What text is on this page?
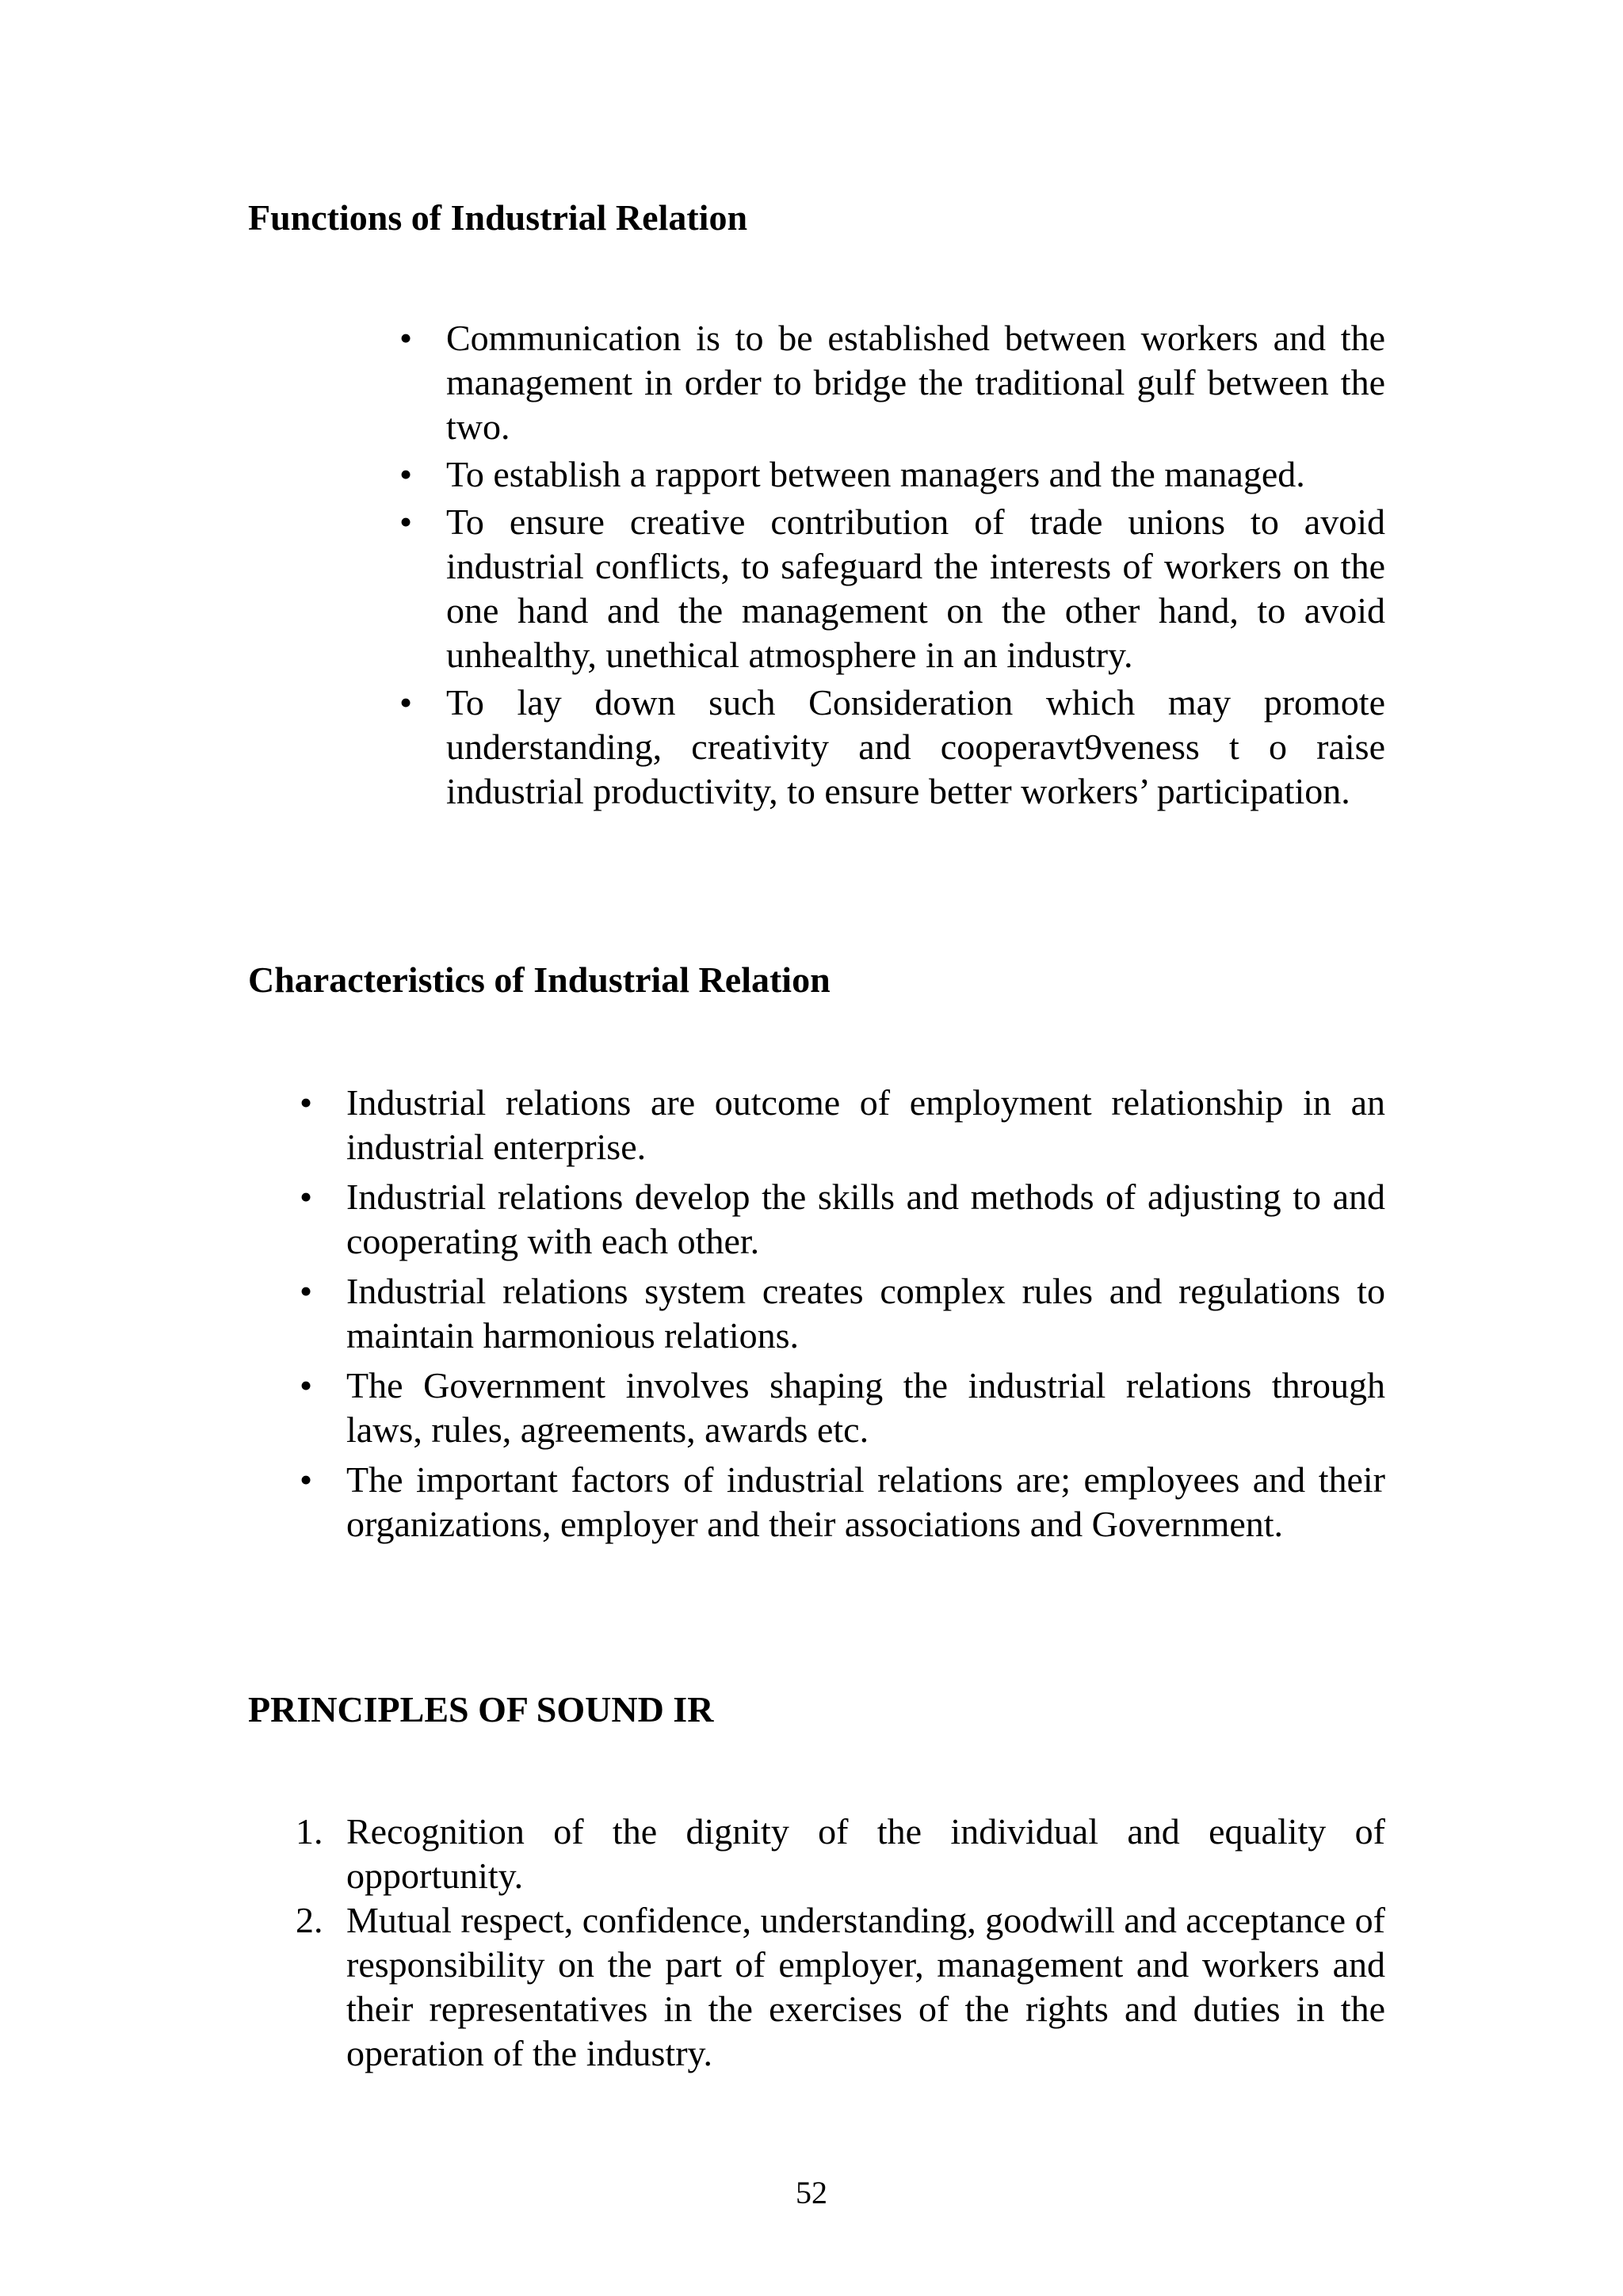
Functions of Industrial Relation
• Communication is to be established between workers and the management in order to bridge the traditional gulf between the two.
• To establish a rapport between managers and the managed.
• To ensure creative contribution of trade unions to avoid industrial conflicts, to safeguard the interests of workers on the one hand and the management on the other hand, to avoid unhealthy, unethical atmosphere in an industry.
• To lay down such Consideration which may promote understanding, creativity and cooperavt9veness t o raise industrial productivity, to ensure better workers’ participation.
Characteristics of Industrial Relation
• Industrial relations are outcome of employment relationship in an industrial enterprise.
• Industrial relations develop the skills and methods of adjusting to and cooperating with each other.
• Industrial relations system creates complex rules and regulations to maintain harmonious relations.
• The Government involves shaping the industrial relations through laws, rules, agreements, awards etc.
• The important factors of industrial relations are; employees and their organizations, employer and their associations and Government.
PRINCIPLES OF SOUND IR
1. Recognition of the dignity of the individual and equality of opportunity.
2. Mutual respect, confidence, understanding, goodwill and acceptance of responsibility on the part of employer, management and workers and their representatives in the exercises of the rights and duties in the operation of the industry.
52
